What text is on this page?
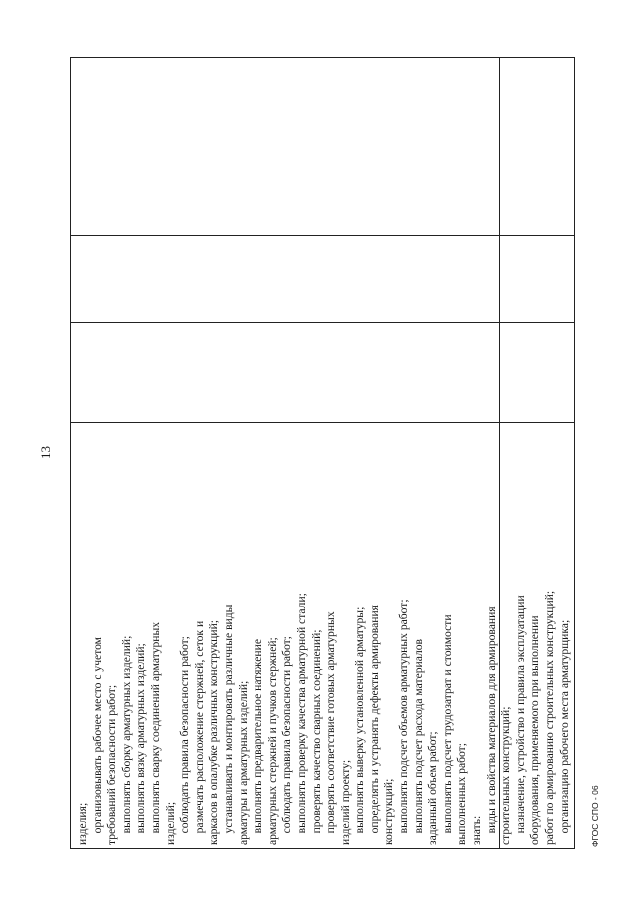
13
изделия; организовывать рабочее место с учетом требований безопасности работ; выполнять сборку арматурных изделий; выполнять вязку арматурных изделий; выполнять сварку соединений арматурных изделий; соблюдать правила безопасности работ; размечать расположение стержней, сеток и каркасов в опалубке различных конструкций; устанавливать и монтировать различные виды арматуры и арматурных изделий; выполнять предварительное натяжение арматурных стержней и пучков стержней; соблюдать правила безопасности работ; выполнять проверку качества арматурной стали; проверять качество сварных соединений; проверять соответствие готовых арматурных изделий проекту; выполнять выверку установленной арматуры; определять и устранять дефекты армирования конструкций; выполнять подсчет объемов арматурных работ; выполнять подсчет расхода материалов заданный объем работ; выполнять подсчет трудозатрат и стоимости выполненных работ; знать: виды и свойства материалов для армирования строительных конструкций; назначение, устройство и правила эксплуатации оборудования, применяемого при выполнении работ по армированию строительных конструкций; организацию рабочего места арматурщика; ФГОС СПО - 06
